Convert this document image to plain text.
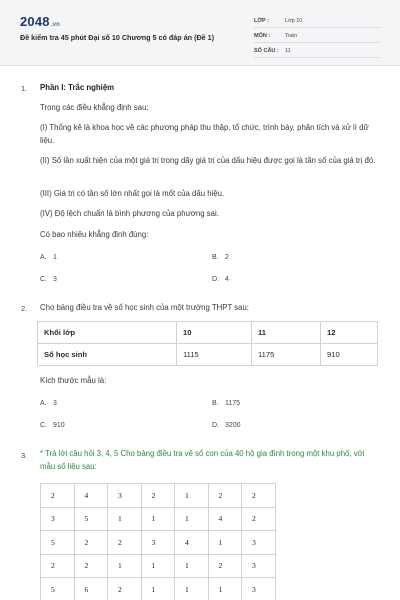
2048.vn
Đề kiểm tra 45 phút Đại số 10 Chương 5 có đáp án (Đề 1)
LỚP :	Lớp 10
MÔN :	Toán
SỐ CÂU : 11
1. Phần I: Trắc nghiệm
Trong các điều khẳng định sau:
(I) Thống kê là khoa học về các phương pháp thu thập, tổ chức, trình bày, phân tích và xử lí dữ liệu.
(II) Số lần xuất hiện của một giá trị trong dãy giá trị của dấu hiệu được gọi là tần số của giá trị đó.
(III) Giá trị có tần số lớn nhất gọi là mốt của dấu hiệu.
(IV) Độ lệch chuẩn là bình phương của phương sai.
Có bao nhiêu khẳng định đúng:
A. 1	B. 2
C. 3	D. 4
2. Cho bảng điều tra về số học sinh của một trường THPT sau:
Khối lớp	10	11	12
Số học sinh	1115	1175	910
Kích thước mẫu là:
A. 3	B. 1175
C. 910	D. 3200
3. * Trả lời câu hỏi 3, 4, 5 Cho bảng điều tra về số con của 40 hộ gia đình trong một khu phố, với mẫu số liệu sau:
2	4	3	2	1	2	2
3	5	1	1	1	4	2
5	2	2	3	4	1	3
2	2	1	1	1	2	3
5	6	2	1	1	1	3
